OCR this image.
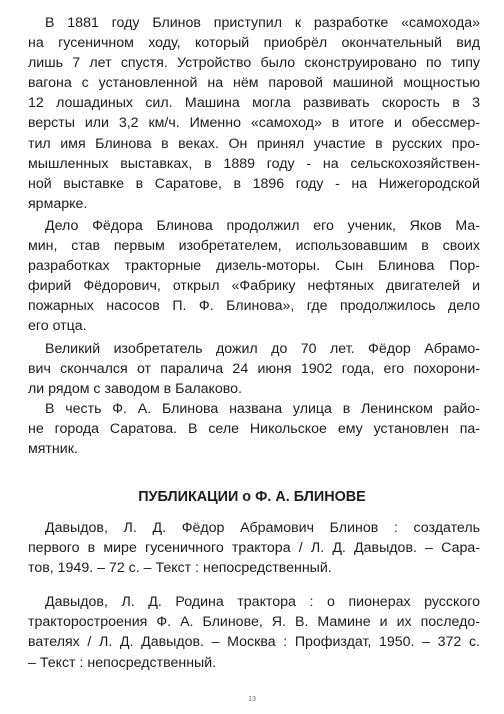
В 1881 году Блинов приступил к разработке «самохода»
на гусеничном ходу, который приобрёл окончательный вид
лишь 7 лет спустя. Устройство было сконструировано по типу
вагона с установленной на нём паровой машиной мощностью
12 лошадиных сил. Машина могла развивать скорость в 3
версты или 3,2 км/ч. Именно «самоход» в итоге и обессмер-
тил имя Блинова в веках. Он принял участие в русских про-
мышленных выставках, в 1889 году - на сельскохозяйствен-
ной выставке в Саратове, в 1896 году - на Нижегородской
ярмарке.
Дело Фёдора Блинова продолжил его ученик, Яков Ма-
мин, став первым изобретателем, использовавшим в своих
разработках тракторные дизель-моторы. Сын Блинова Пор-
фирий Фёдорович, открыл «Фабрику нефтяных двигателей и
пожарных насосов П. Ф. Блинова», где продолжилось дело
его отца.
Великий изобретатель дожил до 70 лет. Фёдор Абрамо-
вич скончался от паралича 24 июня 1902 года, его похорони-
ли рядом с заводом в Балаково.
В честь Ф. А. Блинова названа улица в Ленинском райо-
не города Саратова. В селе Никольское ему установлен па-
мятник.
ПУБЛИКАЦИИ о Ф. А. БЛИНОВЕ
Давыдов, Л. Д. Фёдор Абрамович Блинов : создатель
первого в мире гусеничного трактора / Л. Д. Давыдов. – Сара-
тов, 1949. – 72 с. – Текст : непосредственный.
Давыдов, Л. Д. Родина трактора : о пионерах русского
тракторостроения Ф. А. Блинове, Я. В. Мамине и их последо-
вателях / Л. Д. Давыдов. – Москва : Профиздат, 1950. – 372 с.
– Текст : непосредственный.
13
